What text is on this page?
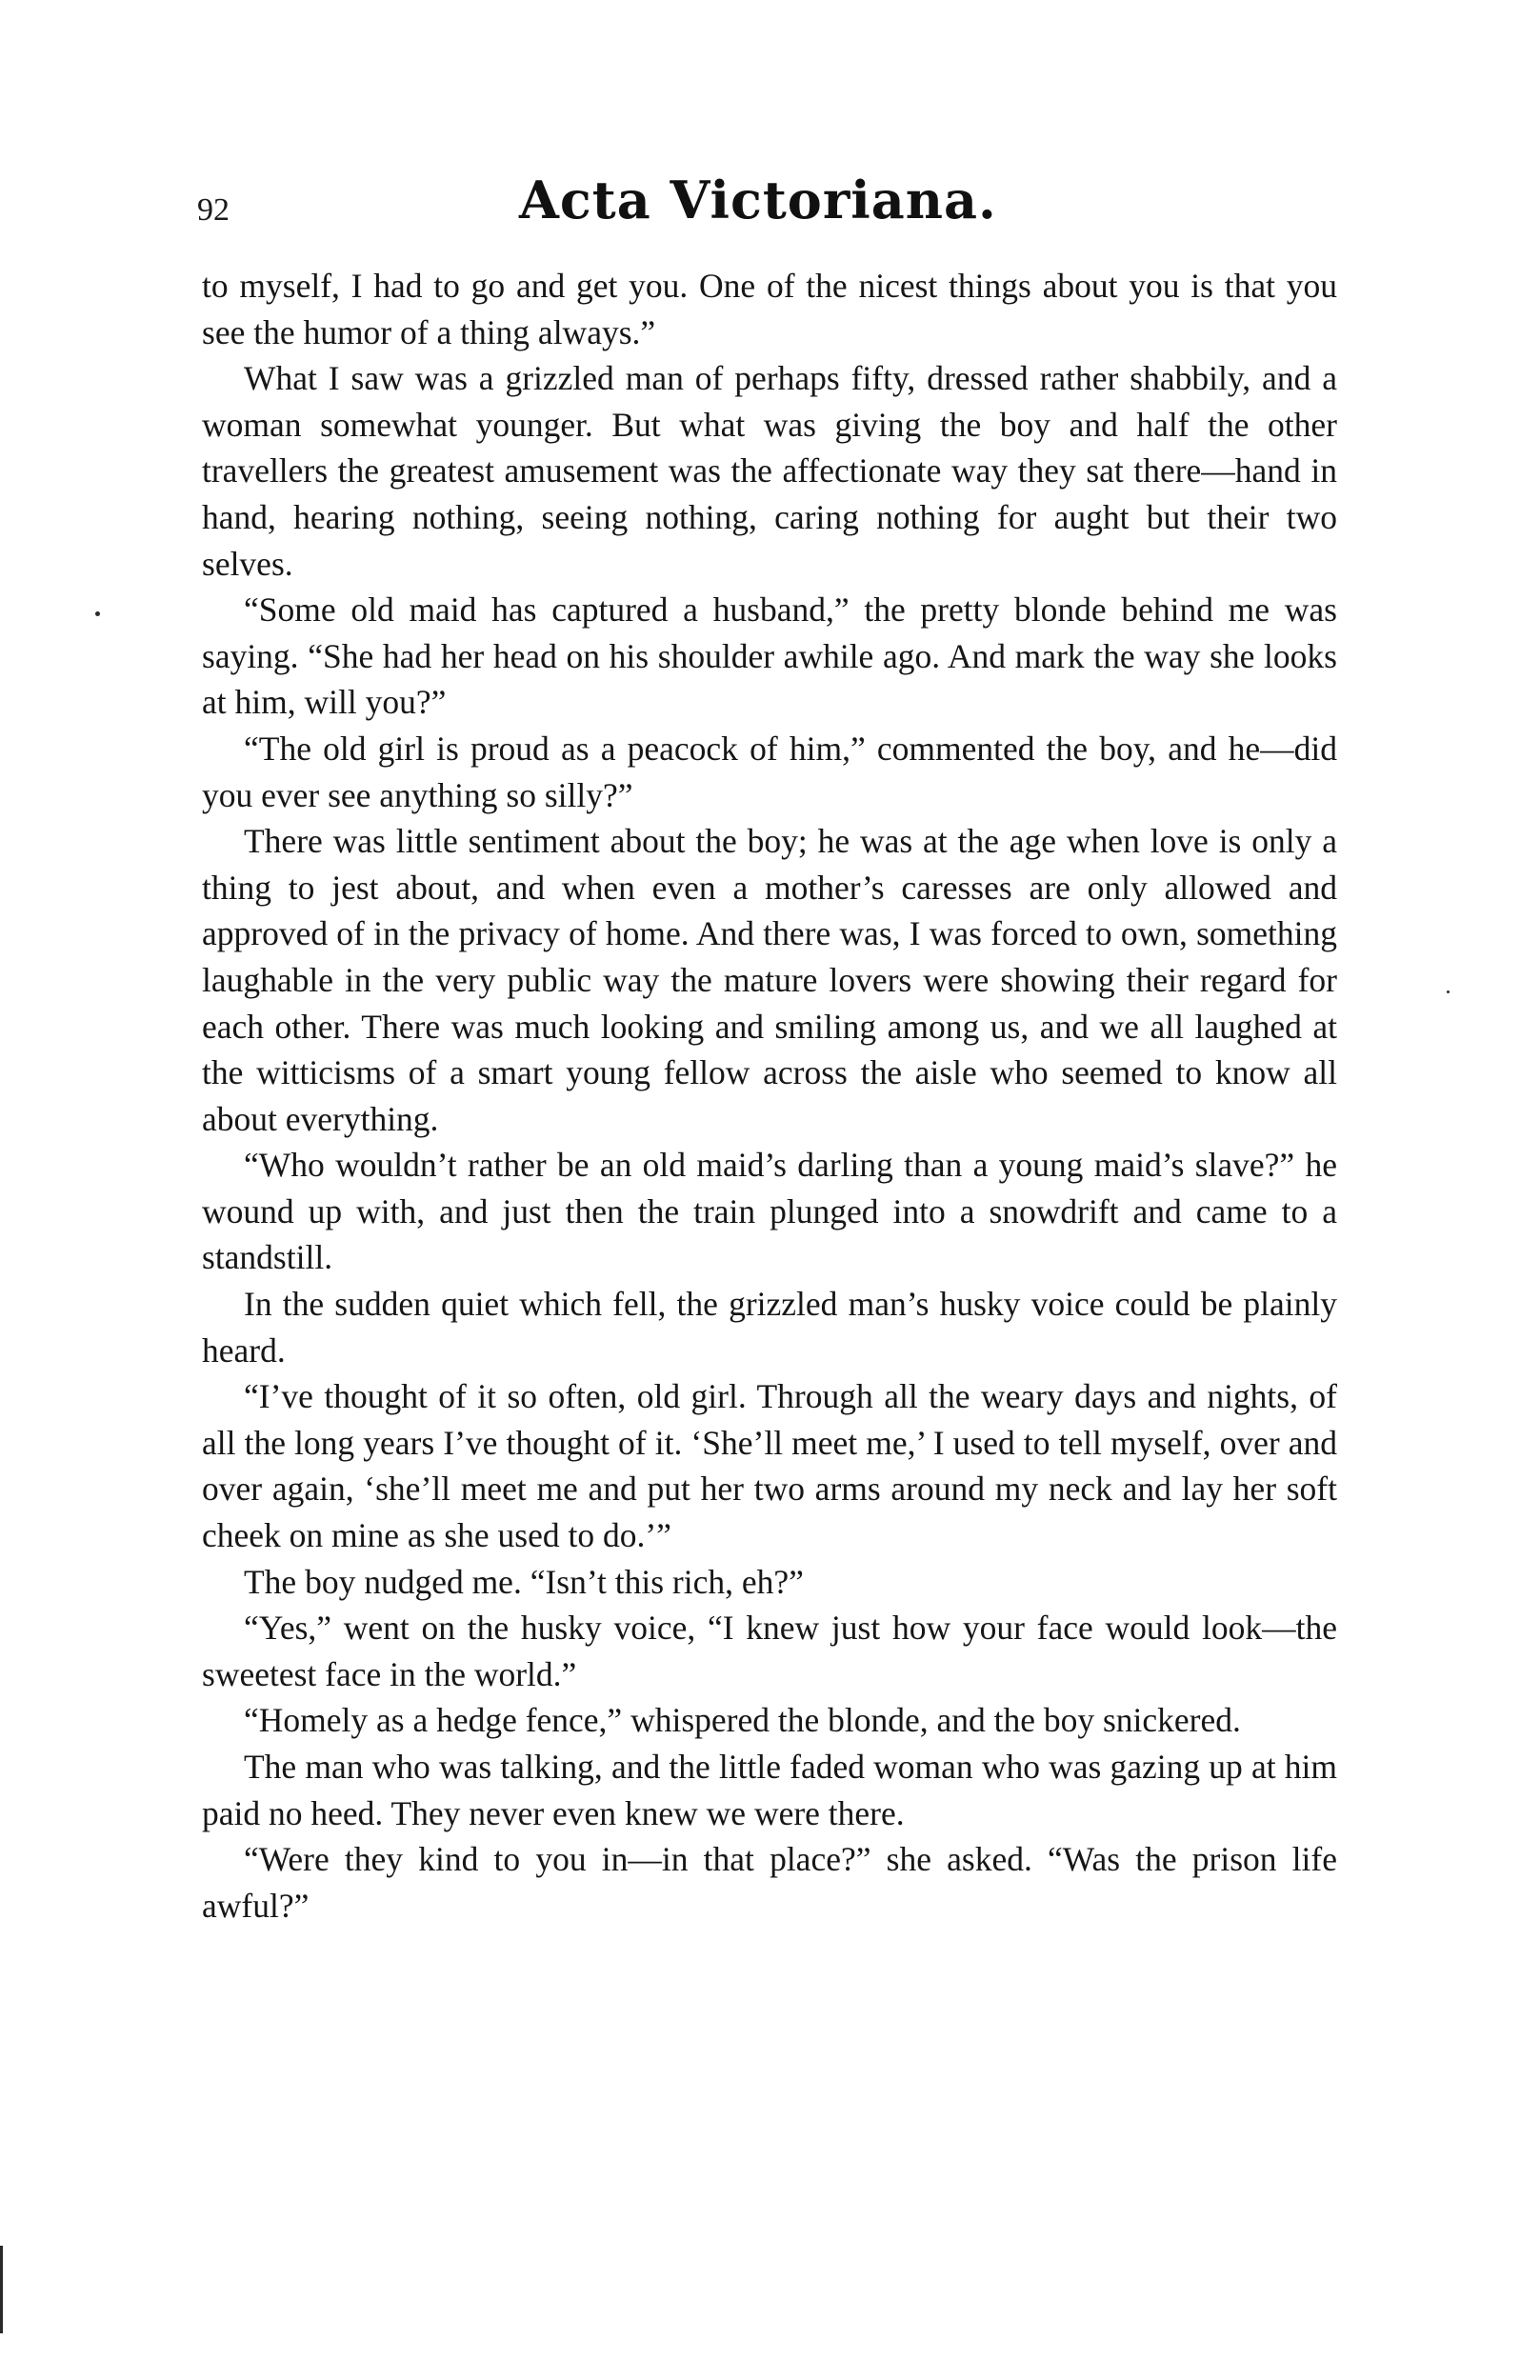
92	Acta Victoriana.

to myself, I had to go and get you. One of the nicest things about you is that you see the humor of a thing always.”

What I saw was a grizzled man of perhaps fifty, dressed rather shabbily, and a woman somewhat younger. But what was giving the boy and half the other travellers the greatest amusement was the affectionate way they sat there—hand in hand, hearing nothing, seeing nothing, caring nothing for aught but their two selves.

“Some old maid has captured a husband,” the pretty blonde behind me was saying. “She had her head on his shoulder awhile ago. And mark the way she looks at him, will you?”

“The old girl is proud as a peacock of him,” commented the boy, and he—did you ever see anything so silly?”

There was little sentiment about the boy; he was at the age when love is only a thing to jest about, and when even a mother’s caresses are only allowed and approved of in the privacy of home. And there was, I was forced to own, something laughable in the very public way the mature lovers were showing their regard for each other. There was much looking and smiling among us, and we all laughed at the witticisms of a smart young fellow across the aisle who seemed to know all about everything.

“Who wouldn’t rather be an old maid’s darling than a young maid’s slave?” he wound up with, and just then the train plunged into a snowdrift and came to a standstill.

In the sudden quiet which fell, the grizzled man’s husky voice could be plainly heard.

“I’ve thought of it so often, old girl. Through all the weary days and nights, of all the long years I’ve thought of it. ‘She’ll meet me,’ I used to tell myself, over and over again, ‘she’ll meet me and put her two arms around my neck and lay her soft cheek on mine as she used to do.’”

The boy nudged me. “Isn’t this rich, eh?”

“Yes,” went on the husky voice, “I knew just how your face would look—the sweetest face in the world.”

“Homely as a hedge fence,” whispered the blonde, and the boy snickered.

The man who was talking, and the little faded woman who was gazing up at him paid no heed. They never even knew we were there.

“Were they kind to you in—in that place?” she asked. “Was the prison life awful?”
